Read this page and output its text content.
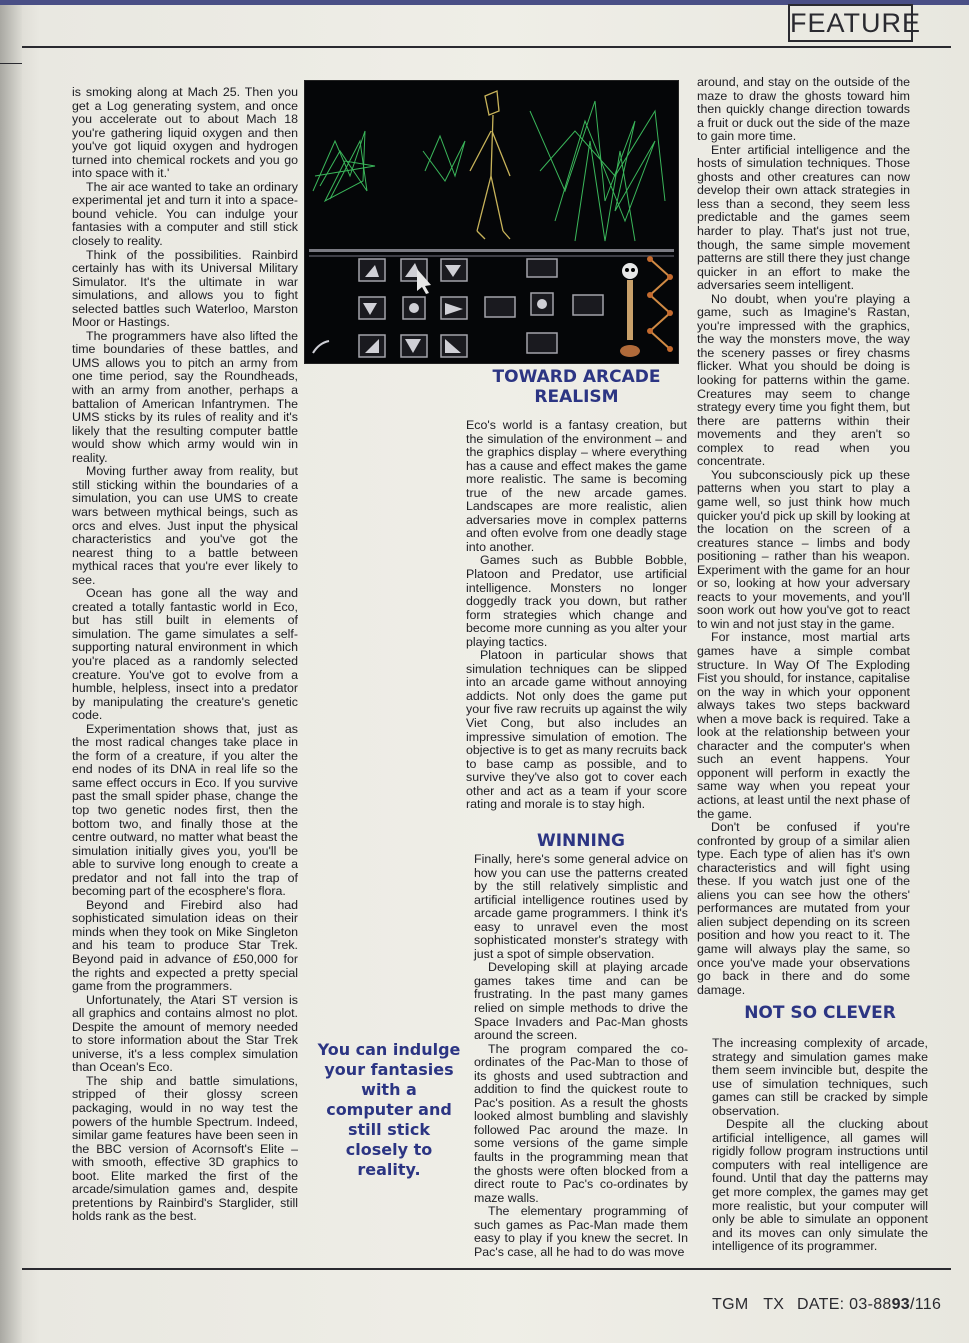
FEATURE

is smoking along at Mach 25. Then you get a Log generating system, and once you accelerate out to about Mach 18 you're gathering liquid oxygen and then you've got liquid oxygen and hydrogen turned into chemical rockets and you go into space with it.'

The air ace wanted to take an ordinary experimental jet and turn it into a space-bound vehicle. You can indulge your fantasies with a computer and still stick closely to reality.

Think of the possibilities. Rainbird certainly has with its Universal Military Simulator. It's the ultimate in war simulations, and allows you to fight selected battles such Waterloo, Marston Moor or Hastings.

The programmers have also lifted the time boundaries of these battles, and UMS allows you to pitch an army from one time period, say the Roundheads, with an army from another, perhaps a battalion of American Infantrymen. The UMS sticks by its rules of reality and it's likely that the resulting computer battle would show which army would win in reality.

Moving further away from reality, but still sticking within the boundaries of a simulation, you can use UMS to create wars between mythical beings, such as orcs and elves. Just input the physical characteristics and you've got the nearest thing to a battle between mythical races that you're ever likely to see.

Ocean has gone all the way and created a totally fantastic world in Eco, but has still built in elements of simulation. The game simulates a self-supporting natural environment in which you're placed as a randomly selected creature. You've got to evolve from a humble, helpless, insect into a predator by manipulating the creature's genetic code.

Experimentation shows that, just as the most radical changes take place in the form of a creature, if you alter the end nodes of its DNA in real life so the same effect occurs in Eco. If you survive past the small spider phase, change the top two genetic nodes first, then the bottom two, and finally those at the centre outward, no matter what beast the simulation initially gives you, you'll be able to survive long enough to create a predator and not fall into the trap of becoming part of the ecosphere's flora.

Beyond and Firebird also had sophisticated simulation ideas on their minds when they took on Mike Singleton and his team to produce Star Trek. Beyond paid in advance of £50,000 for the rights and expected a pretty special game from the programmers.

Unfortunately, the Atari ST version is all graphics and contains almost no plot. Despite the amount of memory needed to store information about the Star Trek universe, it's a less complex simulation than Ocean's Eco.

The ship and battle simulations, stripped of their glossy screen packaging, would in no way test the powers of the humble Spectrum. Indeed, similar game features have been seen in the BBC version of Acornsoft's Elite – with smooth, effective 3D graphics to boot. Elite marked the first of the arcade/simulation games and, despite pretentions by Rainbird's Starglider, still holds rank as the best.

TOWARD ARCADE REALISM

Eco's world is a fantasy creation, but the simulation of the environment – and the graphics display – where everything has a cause and effect makes the game more realistic. The same is becoming true of the new arcade games. Landscapes are more realistic, alien adversaries move in complex patterns and often evolve from one deadly stage into another.

Games such as Bubble Bobble, Platoon and Predator, use artificial intelligence. Monsters no longer doggedly track you down, but rather form strategies which change and become more cunning as you alter your playing tactics.

Platoon in particular shows that simulation techniques can be slipped into an arcade game without annoying addicts. Not only does the game put your five raw recruits up against the wily Viet Cong, but also includes an impressive simulation of emotion. The objective is to get as many recruits back to base camp as possible, and to survive they've also got to cover each other and act as a team if your score rating and morale is to stay high.

WINNING

Finally, here's some general advice on how you can use the patterns created by the still relatively simplistic and artificial intelligence routines used by arcade game programmers. I think it's easy to unravel even the most sophisticated monster's strategy with just a spot of simple observation.

Developing skill at playing arcade games takes time and can be frustrating. In the past many games relied on simple methods to drive the Space Invaders and Pac-Man ghosts around the screen.

The program compared the co-ordinates of the Pac-Man to those of its ghosts and used subtraction and addition to find the quickest route to Pac's position. As a result the ghosts looked almost bumbling and slavishly followed Pac around the maze. In some versions of the game simple faults in the programming mean that the ghosts were often blocked from a direct route to Pac's co-ordinates by maze walls.

The elementary programming of such games as Pac-Man made them easy to play if you knew the secret. In Pac's case, all he had to do was move

around, and stay on the outside of the maze to draw the ghosts toward him then quickly change direction towards a fruit or duck out the side of the maze to gain more time.

Enter artificial intelligence and the hosts of simulation techniques. Those ghosts and other creatures can now develop their own attack strategies in less than a second, they seem less predictable and the games seem harder to play. That's just not true, though, the same simple movement patterns are still there they just change quicker in an effort to make the adversaries seem intelligent.

No doubt, when you're playing a game, such as Imagine's Rastan, you're impressed with the graphics, the way the monsters move, the way the scenery passes or firey chasms flicker. What you should be doing is looking for patterns within the game. Creatures may seem to change strategy every time you fight them, but there are patterns within their movements and they aren't so complex to read when you concentrate.

You subconsciously pick up these patterns when you start to play a game well, so just think how much quicker you'd pick up skill by looking at the location on the screen of a creatures stance – limbs and body positioning – rather than his weapon. Experiment with the game for an hour or so, looking at how your adversary reacts to your movements, and you'll soon work out how you've got to react to win and not just stay in the game.

For instance, most martial arts games have a simple combat structure. In Way Of The Exploding Fist you should, for instance, capitalise on the way in which your opponent always takes two steps backward when a move back is required. Take a look at the relationship between your character and the computer's when such an event happens. Your opponent will perform in exactly the same way when you repeat your actions, at least until the next phase of the game.

Don't be confused if you're confronted by group of a similar alien type. Each type of alien has it's own characteristics and will fight using these. If you watch just one of the aliens you can see how the others' performances are mutated from your alien subject depending on its screen position and how you react to it. The game will always play the same, so once you've made your observations go back in there and do some damage.

NOT SO CLEVER

The increasing complexity of arcade, strategy and simulation games make them seem invincible but, despite the use of simulation techniques, such games can still be cracked by simple observation.

Despite all the clucking about artificial intelligence, all games will rigidly follow program instructions until computers with real intelligence are found. Until that day the patterns may get more complex, the games may get more realistic, but your computer will only be able to simulate an opponent and its moves can only simulate the intelligence of its programmer.

You can indulge your fantasies with a computer and still stick closely to reality.
TGM TX DATE: 03-8893/116
